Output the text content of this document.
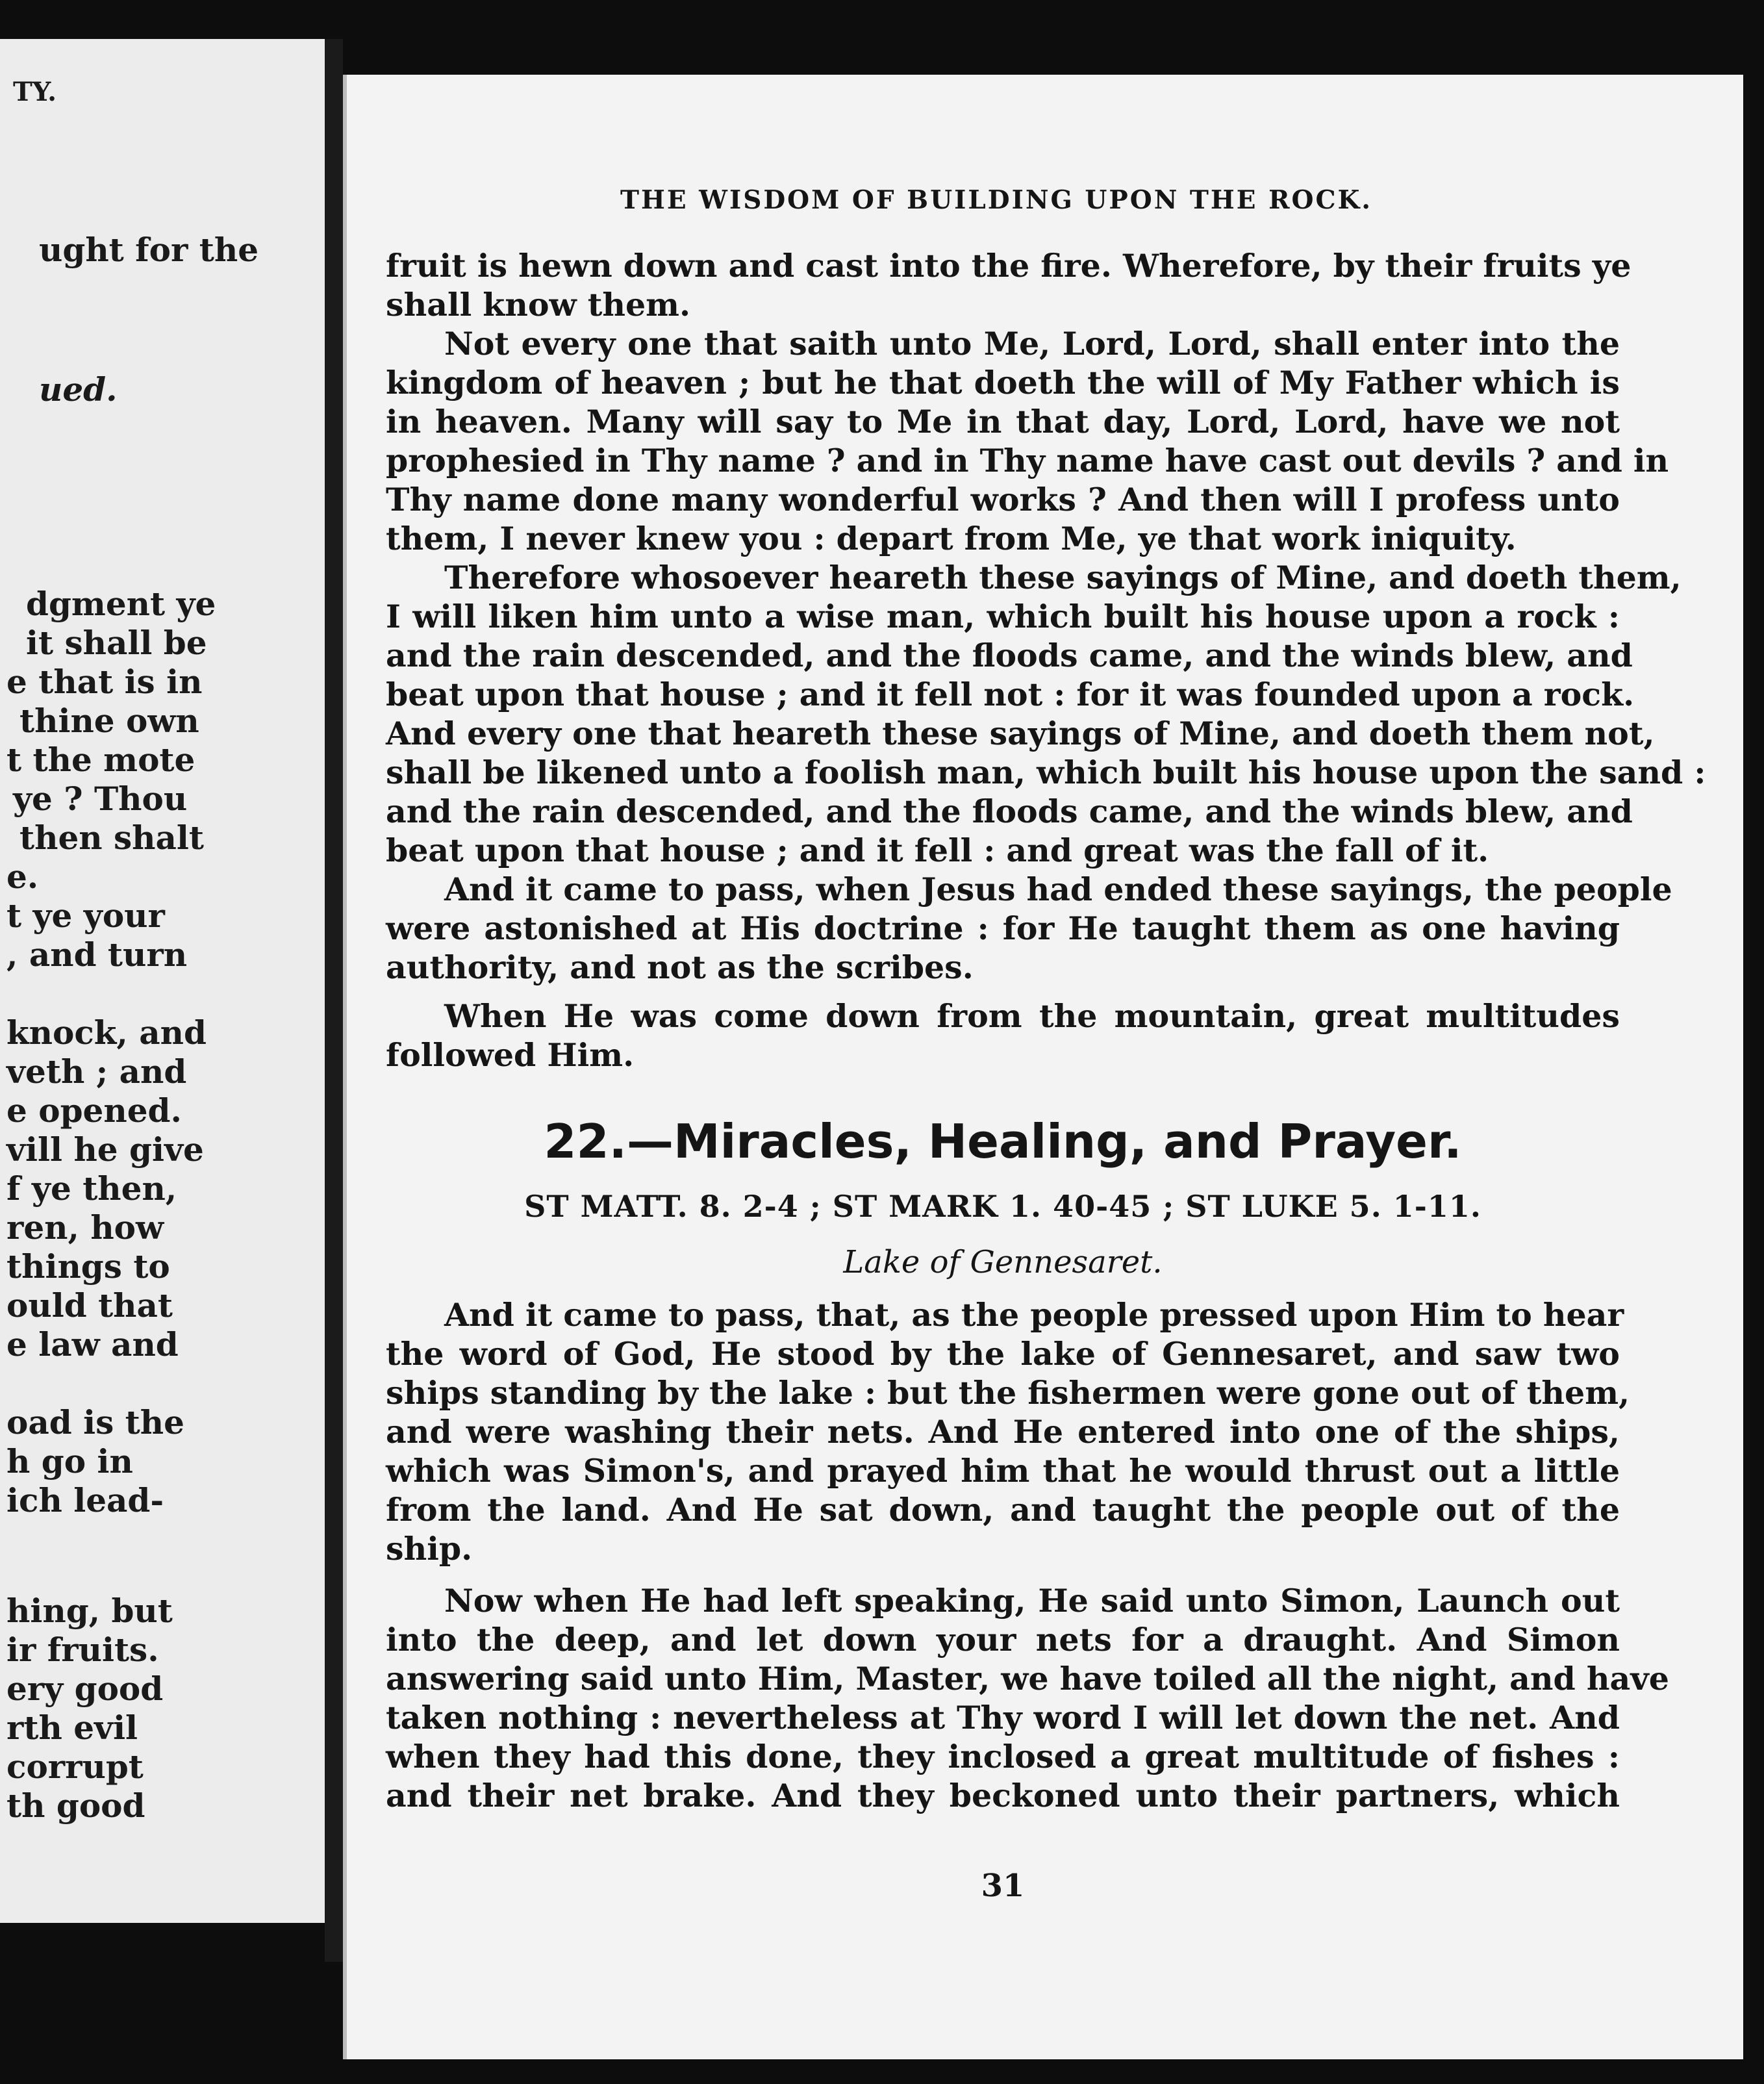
TY.
ught for the
ued.
dgment ye
it shall be
e that is in
thine own
t the mote
ye ? Thou
then shalt
e.
t ye your
, and turn
knock, and
veth ; and
e opened.
vill he give
f ye then,
ren, how
things to
ould that
e law and
oad is the
h go in
ich lead-
hing, but
ir fruits.
ery good
rth evil
corrupt
th good
THE WISDOM OF BUILDING UPON THE ROCK.
fruit is hewn down and cast into the fire. Wherefore, by their fruits ye
shall know them.
Not every one that saith unto Me, Lord, Lord, shall enter into the
kingdom of heaven ; but he that doeth the will of My Father which is
in heaven. Many will say to Me in that day, Lord, Lord, have we not
prophesied in Thy name ? and in Thy name have cast out devils ? and in
Thy name done many wonderful works ? And then will I profess unto
them, I never knew you : depart from Me, ye that work iniquity.
Therefore whosoever heareth these sayings of Mine, and doeth them,
I will liken him unto a wise man, which built his house upon a rock :
and the rain descended, and the floods came, and the winds blew, and
beat upon that house ; and it fell not : for it was founded upon a rock.
And every one that heareth these sayings of Mine, and doeth them not,
shall be likened unto a foolish man, which built his house upon the sand :
and the rain descended, and the floods came, and the winds blew, and
beat upon that house ; and it fell : and great was the fall of it.
And it came to pass, when Jesus had ended these sayings, the people
were astonished at His doctrine : for He taught them as one having
authority, and not as the scribes.
When He was come down from the mountain, great multitudes
followed Him.
22.—Miracles, Healing, and Prayer.
ST MATT. 8. 2-4 ; ST MARK 1. 40-45 ; ST LUKE 5. 1-11.
Lake of Gennesaret.
And it came to pass, that, as the people pressed upon Him to hear
the word of God, He stood by the lake of Gennesaret, and saw two
ships standing by the lake : but the fishermen were gone out of them,
and were washing their nets. And He entered into one of the ships,
which was Simon's, and prayed him that he would thrust out a little
from the land. And He sat down, and taught the people out of the
ship.
Now when He had left speaking, He said unto Simon, Launch out
into the deep, and let down your nets for a draught. And Simon
answering said unto Him, Master, we have toiled all the night, and have
taken nothing : nevertheless at Thy word I will let down the net. And
when they had this done, they inclosed a great multitude of fishes :
and their net brake. And they beckoned unto their partners, which
31
